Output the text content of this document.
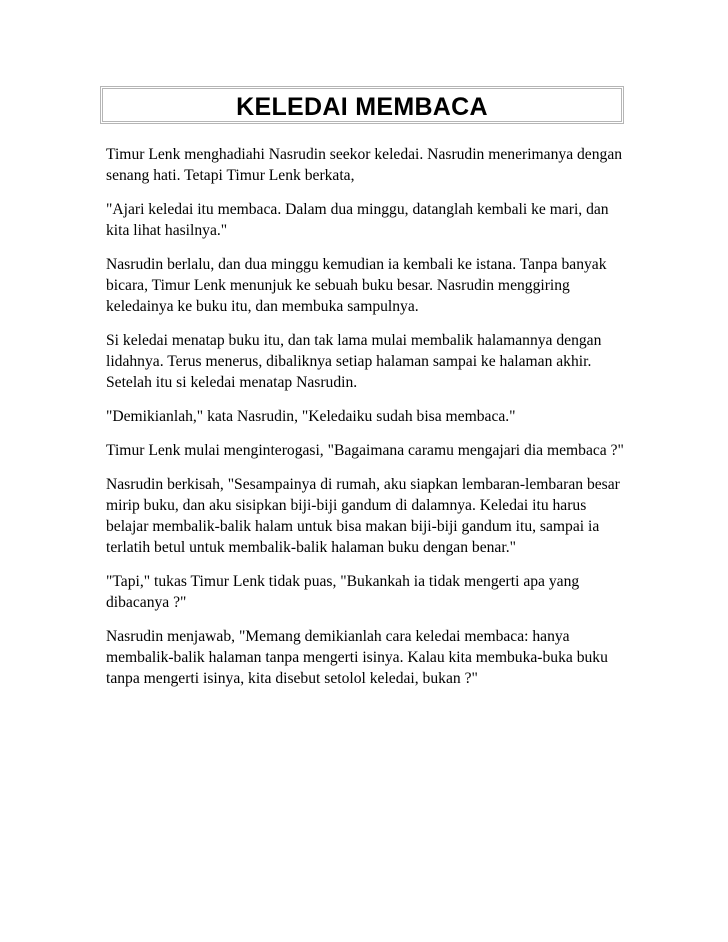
KELEDAI MEMBACA

Timur Lenk menghadiahi Nasrudin seekor keledai. Nasrudin menerimanya dengan senang hati. Tetapi Timur Lenk berkata,

"Ajari keledai itu membaca. Dalam dua minggu, datanglah kembali ke mari, dan kita lihat hasilnya."

Nasrudin berlalu, dan dua minggu kemudian ia kembali ke istana. Tanpa banyak bicara, Timur Lenk menunjuk ke sebuah buku besar. Nasrudin menggiring keledainya ke buku itu, dan membuka sampulnya.

Si keledai menatap buku itu, dan tak lama mulai membalik halamannya dengan lidahnya. Terus menerus, dibaliknya setiap halaman sampai ke halaman akhir. Setelah itu si keledai menatap Nasrudin.

"Demikianlah," kata Nasrudin, "Keledaiku sudah bisa membaca."

Timur Lenk mulai menginterogasi, "Bagaimana caramu mengajari dia membaca ?"

Nasrudin berkisah, "Sesampainya di rumah, aku siapkan lembaran-lembaran besar mirip buku, dan aku sisipkan biji-biji gandum di dalamnya. Keledai itu harus belajar membalik-balik halam untuk bisa makan biji-biji gandum itu, sampai ia terlatih betul untuk membalik-balik halaman buku dengan benar."

"Tapi," tukas Timur Lenk tidak puas, "Bukankah ia tidak mengerti apa yang dibacanya ?"

Nasrudin menjawab, "Memang demikianlah cara keledai membaca: hanya membalik-balik halaman tanpa mengerti isinya. Kalau kita membuka-buka buku tanpa mengerti isinya, kita disebut setolol keledai, bukan ?"
